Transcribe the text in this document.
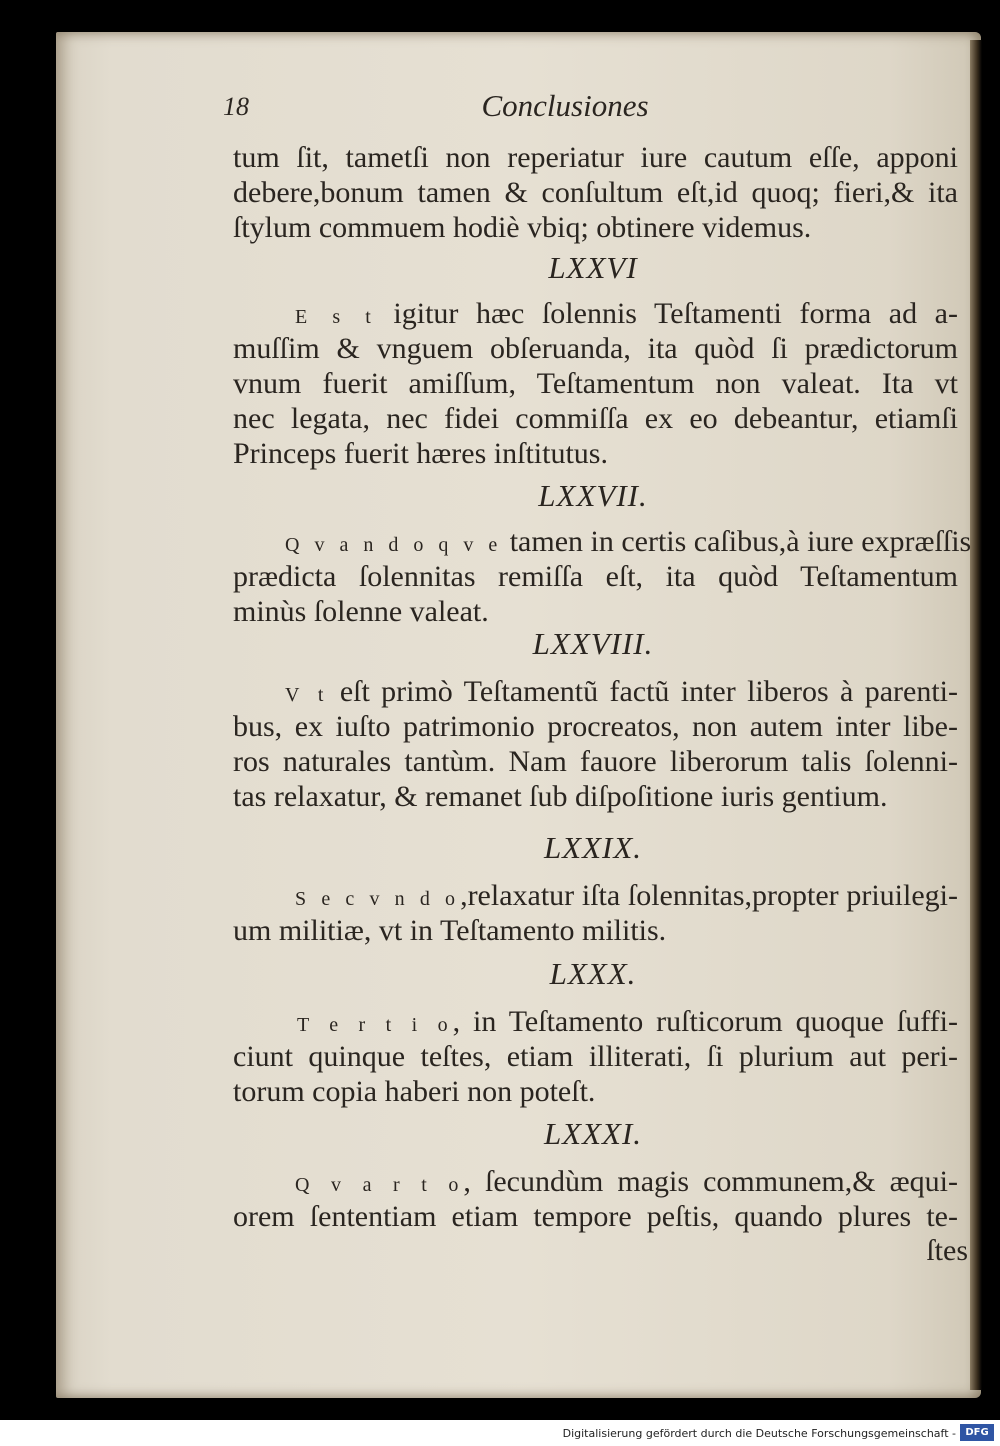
18	Conclusiones
tum ſit, tametſi non reperiatur iure cautum eſſe, apponi
debere,bonum tamen & conſultum eſt,id quoq; fieri,& ita
ſtylum commuem hodiè vbiq; obtinere videmus.
LXXVI
E s t igitur hæc ſolennis Teſtamenti forma ad a-
muſſim & vnguem obſeruanda, ita quòd ſi prædictorum
vnum fuerit amiſſum, Teſtamentum non valeat. Ita vt
nec legata, nec fidei commiſſa ex eo debeantur, etiamſi
Princeps fuerit hæres inſtitutus.
LXXVII.
Q v a n d o q v e tamen in certis caſibus,à iure expræſſis
prædicta ſolennitas remiſſa eſt, ita quòd Teſtamentum
minùs ſolenne valeat.
LXXVIII.
V t eſt primò Teſtamentũ factũ inter liberos à parenti-
bus, ex iuſto patrimonio procreatos, non autem inter libe-
ros naturales tantùm. Nam fauore liberorum talis ſolenni-
tas relaxatur, & remanet ſub diſpoſitione iuris gentium.
LXXIX.
S e c v n d o,relaxatur iſta ſolennitas,propter priuilegi-
um militiæ, vt in Teſtamento militis.
LXXX.
T e r t i o, in Teſtamento ruſticorum quoque ſuffi-
ciunt quinque teſtes, etiam illiterati, ſi plurium aut peri-
torum copia haberi non poteſt.
LXXXI.
Q v a r t o, ſecundùm magis communem,& æqui-
orem ſententiam etiam tempore peſtis, quando plures te-
ſtes
Digitalisierung gefördert durch die Deutsche Forschungsgemeinschaft - DFG
